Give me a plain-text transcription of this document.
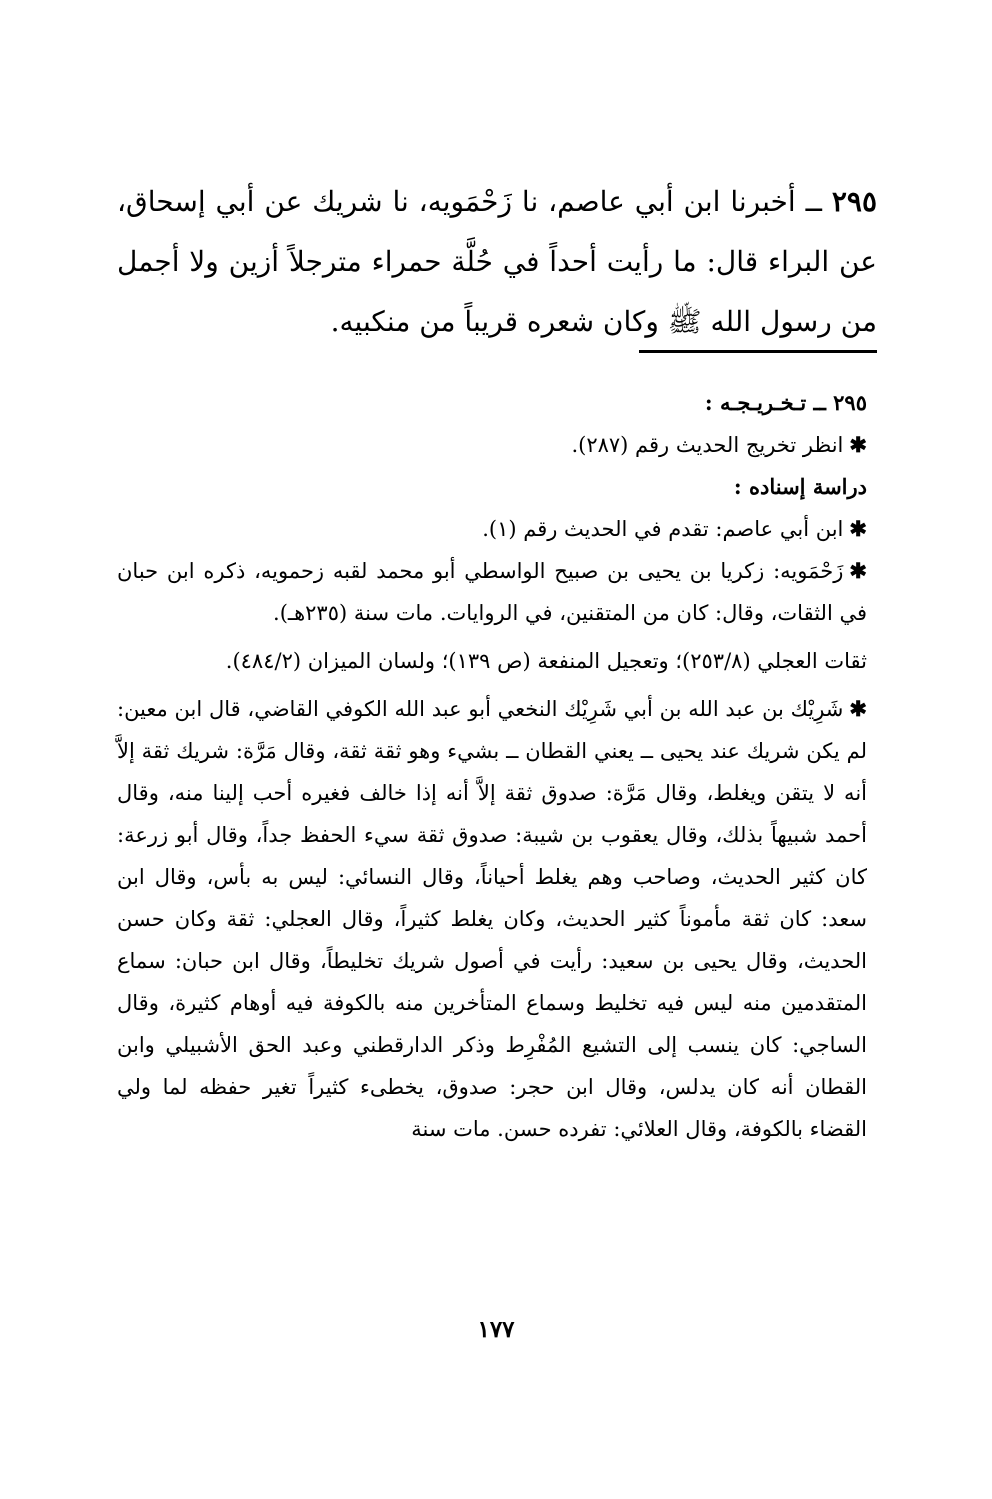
٢٩٥ ــ أخبرنا ابن أبي عاصم، نا زَحْمَويه، نا شريك عن أبي إسحاق، عن البراء قال: ما رأيت أحداً في حُلَّة حمراء مترجلاً أزين ولا أجمل من رسول الله ﷺ وكان شعره قريباً من منكبيه.

٢٩٥ ــ تـخـريـجـه :

✱انظر تخريج الحديث رقم (٢٨٧).

دراسة إسناده :

✱ابن أبي عاصم: تقدم في الحديث رقم (١).

✱زَحْمَويه: زكريا بن يحيى بن صبيح الواسطي أبو محمد لقبه زحمويه، ذكره ابن حبان في الثقات، وقال: كان من المتقنين، في الروايات. مات سنة (٢٣٥هـ).

ثقات العجلي (٢٥٣/٨)؛ وتعجيل المنفعة (ص ١٣٩)؛ ولسان الميزان (٤٨٤/٢).

✱شَرِيْك بن عبد الله بن أبي شَرِيْك النخعي أبو عبد الله الكوفي القاضي، قال ابن معين: لم يكن شريك عند يحيى ــ يعني القطان ــ بشيء وهو ثقة ثقة، وقال مَرَّة: شريك ثقة إلاَّ أنه لا يتقن ويغلط، وقال مَرَّة: صدوق ثقة إلاَّ أنه إذا خالف فغيره أحب إلينا منه، وقال أحمد شبيهاً بذلك، وقال يعقوب بن شيبة: صدوق ثقة سيء الحفظ جداً، وقال أبو زرعة: كان كثير الحديث، وصاحب وهم يغلط أحياناً، وقال النسائي: ليس به بأس، وقال ابن سعد: كان ثقة مأموناً كثير الحديث، وكان يغلط كثيراً، وقال العجلي: ثقة وكان حسن الحديث، وقال يحيى بن سعيد: رأيت في أصول شريك تخليطاً، وقال ابن حبان: سماع المتقدمين منه ليس فيه تخليط وسماع المتأخرين منه بالكوفة فيه أوهام كثيرة، وقال الساجي: كان ينسب إلى التشيع المُفْرِط وذكر الدارقطني وعبد الحق الأشبيلي وابن القطان أنه كان يدلس، وقال ابن حجر: صدوق، يخطىء كثيراً تغير حفظه لما ولي القضاء بالكوفة، وقال العلائي: تفرده حسن. مات سنة

١٧٧
